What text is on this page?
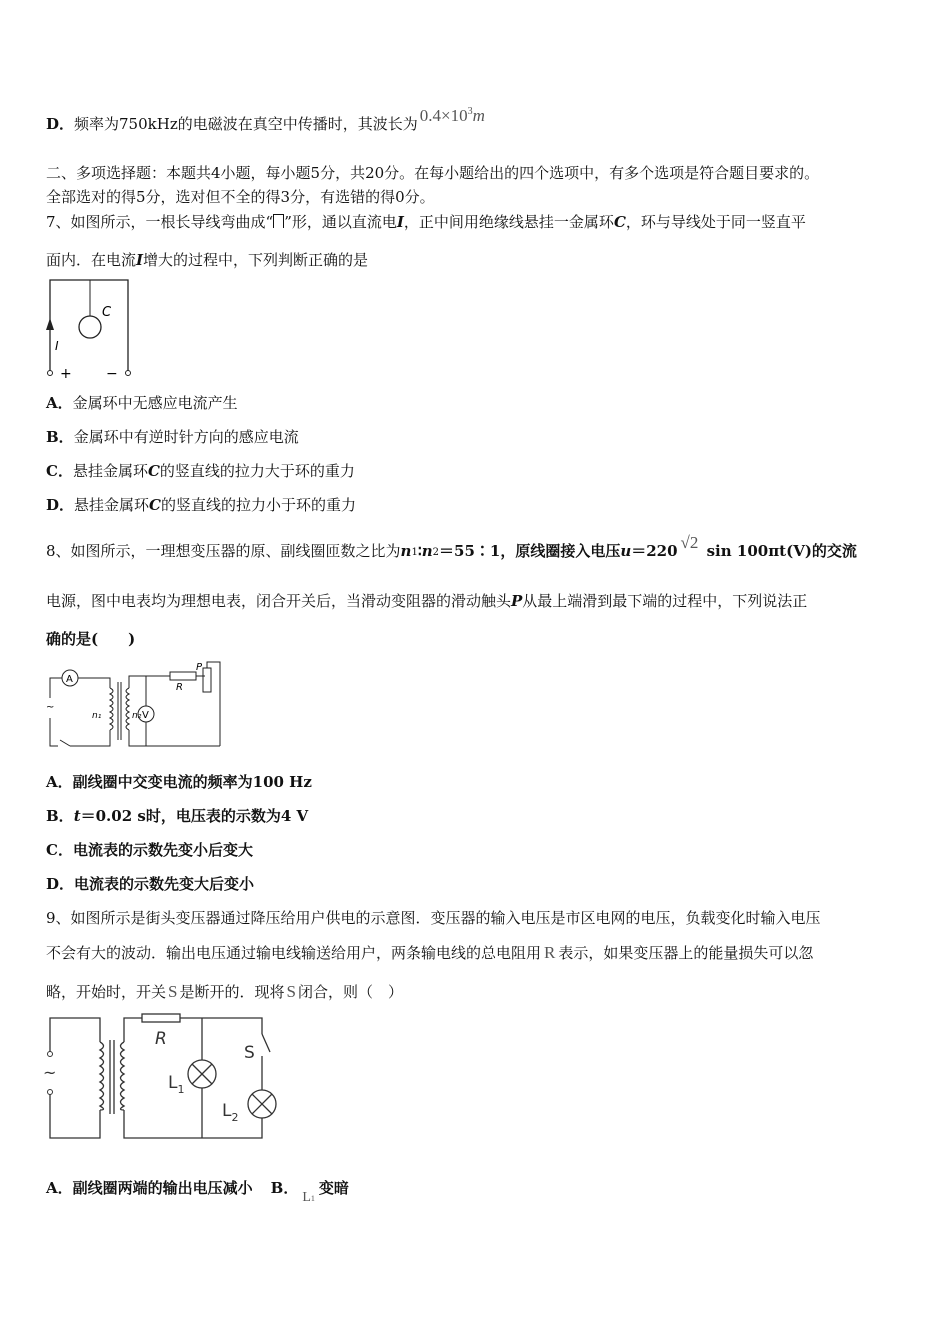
D．频率为750kHz的电磁波在真空中传播时，其波长为 $0.4\times 10^3m$
二、多项选择题：本题共4小题，每小题5分，共20分。在每小题给出的四个选项中，有多个选项是符合题目要求的。
全部选对的得5分，选对但不全的得3分，有选错的得0分。
7、如图所示，一根长导线弯曲成“ ”形，通以直流电I，正中间用绝缘线悬挂一金属环C，环与导线处于同一竖直平
面内．在电流I增大的过程中，下列判断正确的是
C
I
+ −
A．金属环中无感应电流产生
B．金属环中有逆时针方向的感应电流
C．悬挂金属环C的竖直线的拉力大于环的重力
D．悬挂金属环C的竖直线的拉力小于环的重力
8、如图所示，一理想变压器的原、副线圈匝数之比为n1∶n2＝55∶1，原线圈接入电压u＝220 √2 sin 100πt(V)的交流
电源，图中电表均为理想电表，闭合开关后，当滑动变阻器的滑动触头P从最上端滑到最下端的过程中，下列说法正
确的是(　　)
A
V
n₁	n₂
R
P
~
A．副线圈中交变电流的频率为100 Hz
B．t＝0.02 s时，电压表的示数为4 V
C．电流表的示数先变小后变大
D．电流表的示数先变大后变小
9、如图所示是街头变压器通过降压给用户供电的示意图．变压器的输入电压是市区电网的电压，负载变化时输入电压
不会有大的波动．输出电压通过输电线输送给用户，两条输电线的总电阻用 R 表示，如果变压器上的能量损失可以忽
略，开始时，开关 S 是断开的．现将 S 闭合，则（　）
~
R
S
$L_1$
$L_2$
A．副线圈两端的输出电压减小 B．L1变暗
